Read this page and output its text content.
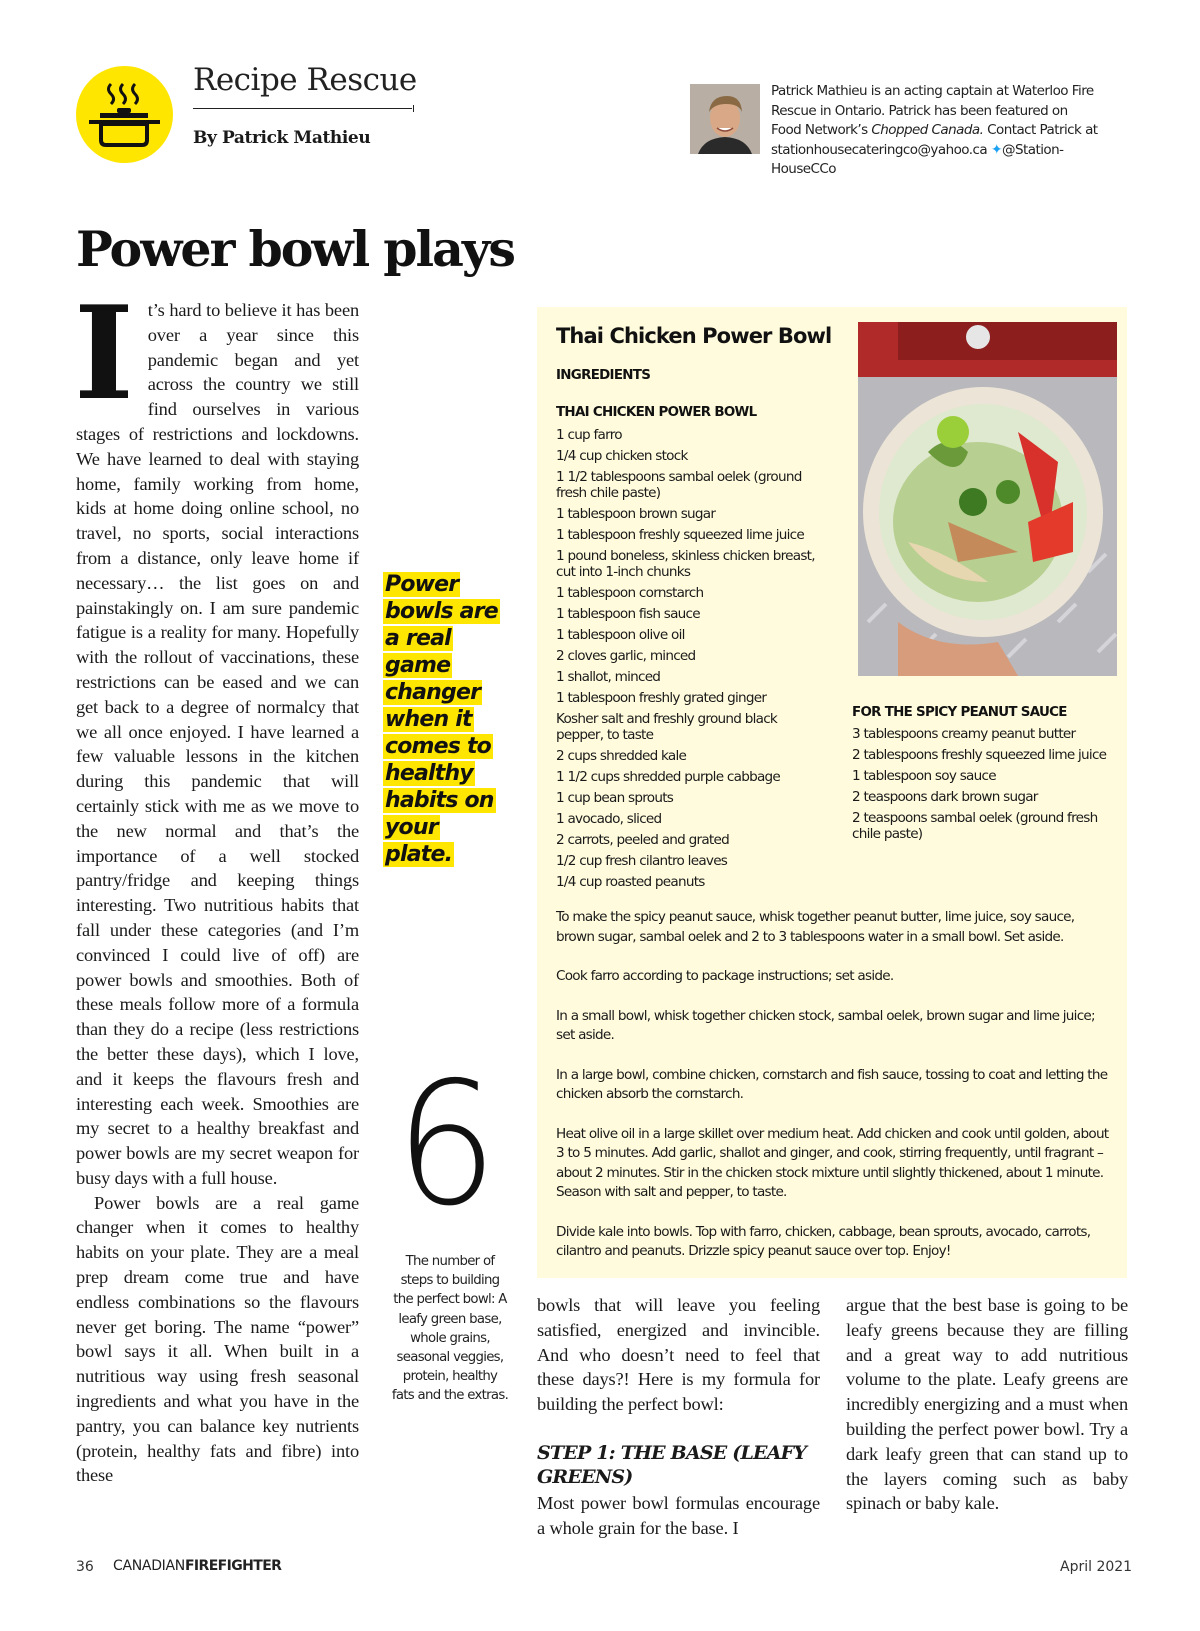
Recipe Rescue
By Patrick Mathieu
Patrick Mathieu is an acting captain at Waterloo Fire Rescue in Ontario. Patrick has been featured on Food Network’s Chopped Canada. Contact Patrick at stationhousecateringco@yahoo.ca ✦@Station-HouseCCo
Power bowl plays
I t’s hard to believe it has been over a year since this pandemic began and yet across the country we still find ourselves in various stages of restrictions and lockdowns. We have learned to deal with staying home, family working from home, kids at home doing online school, no travel, no sports, social interactions from a distance, only leave home if necessary… the list goes on and painstakingly on. I am sure pandemic fatigue is a reality for many. Hopefully with the rollout of vaccinations, these restrictions can be eased and we can get back to a degree of normalcy that we all once enjoyed. I have learned a few valuable lessons in the kitchen during this pandemic that will certainly stick with me as we move to the new normal and that’s the importance of a well stocked pantry/fridge and keeping things interesting. Two nutritious habits that fall under these categories (and I’m convinced I could live of off) are power bowls and smoothies. Both of these meals follow more of a formula than they do a recipe (less restrictions the better these days), which I love, and it keeps the flavours fresh and interesting each week. Smoothies are my secret to a healthy breakfast and power bowls are my secret weapon for busy days with a full house.

Power bowls are a real game changer when it comes to healthy habits on your plate. They are a meal prep dream come true and have endless combinations so the flavours never get boring. The name “power” bowl says it all. When built in a nutritious way using fresh seasonal ingredients and what you have in the pantry, you can balance key nutrients (protein, healthy fats and fibre) into these

Power bowls are a real game changer when it comes to healthy habits on your plate.
6
The number of steps to building the perfect bowl: A leafy green base, whole grains, seasonal veggies, protein, healthy fats and the extras.
Thai Chicken Power Bowl
INGREDIENTS
THAI CHICKEN POWER BOWL
1 cup farro
1/4 cup chicken stock
1 1/2 tablespoons sambal oelek (ground fresh chile paste)
1 tablespoon brown sugar
1 tablespoon freshly squeezed lime juice
1 pound boneless, skinless chicken breast, cut into 1-inch chunks
1 tablespoon cornstarch
1 tablespoon fish sauce
1 tablespoon olive oil
2 cloves garlic, minced
1 shallot, minced
1 tablespoon freshly grated ginger
Kosher salt and freshly ground black pepper, to taste
2 cups shredded kale
1 1/2 cups shredded purple cabbage
1 cup bean sprouts
1 avocado, sliced
2 carrots, peeled and grated
1/2 cup fresh cilantro leaves
1/4 cup roasted peanuts
FOR THE SPICY PEANUT SAUCE
3 tablespoons creamy peanut butter
2 tablespoons freshly squeezed lime juice
1 tablespoon soy sauce
2 teaspoons dark brown sugar
2 teaspoons sambal oelek (ground fresh chile paste)

To make the spicy peanut sauce, whisk together peanut butter, lime juice, soy sauce, brown sugar, sambal oelek and 2 to 3 tablespoons water in a small bowl. Set aside.

Cook farro according to package instructions; set aside.

In a small bowl, whisk together chicken stock, sambal oelek, brown sugar and lime juice; set aside.

In a large bowl, combine chicken, cornstarch and fish sauce, tossing to coat and letting the chicken absorb the cornstarch.

Heat olive oil in a large skillet over medium heat. Add chicken and cook until golden, about 3 to 5 minutes. Add garlic, shallot and ginger, and cook, stirring frequently, until fragrant – about 2 minutes. Stir in the chicken stock mixture until slightly thickened, about 1 minute. Season with salt and pepper, to taste.

Divide kale into bowls. Top with farro, chicken, cabbage, bean sprouts, avocado, carrots, cilantro and peanuts. Drizzle spicy peanut sauce over top. Enjoy!

bowls that will leave you feeling satisfied, energized and invincible. And who doesn’t need to feel that these days?! Here is my formula for building the perfect bowl:

STEP 1: THE BASE (LEAFY GREENS)

Most power bowl formulas encourage a whole grain for the base. I

argue that the best base is going to be leafy greens because they are filling and a great way to add nutritious volume to the plate. Leafy greens are incredibly energizing and a must when building the perfect power bowl. Try a dark leafy green that can stand up to the layers coming such as baby spinach or baby kale.

36 CANADIANFIREFIGHTER	April 2021
